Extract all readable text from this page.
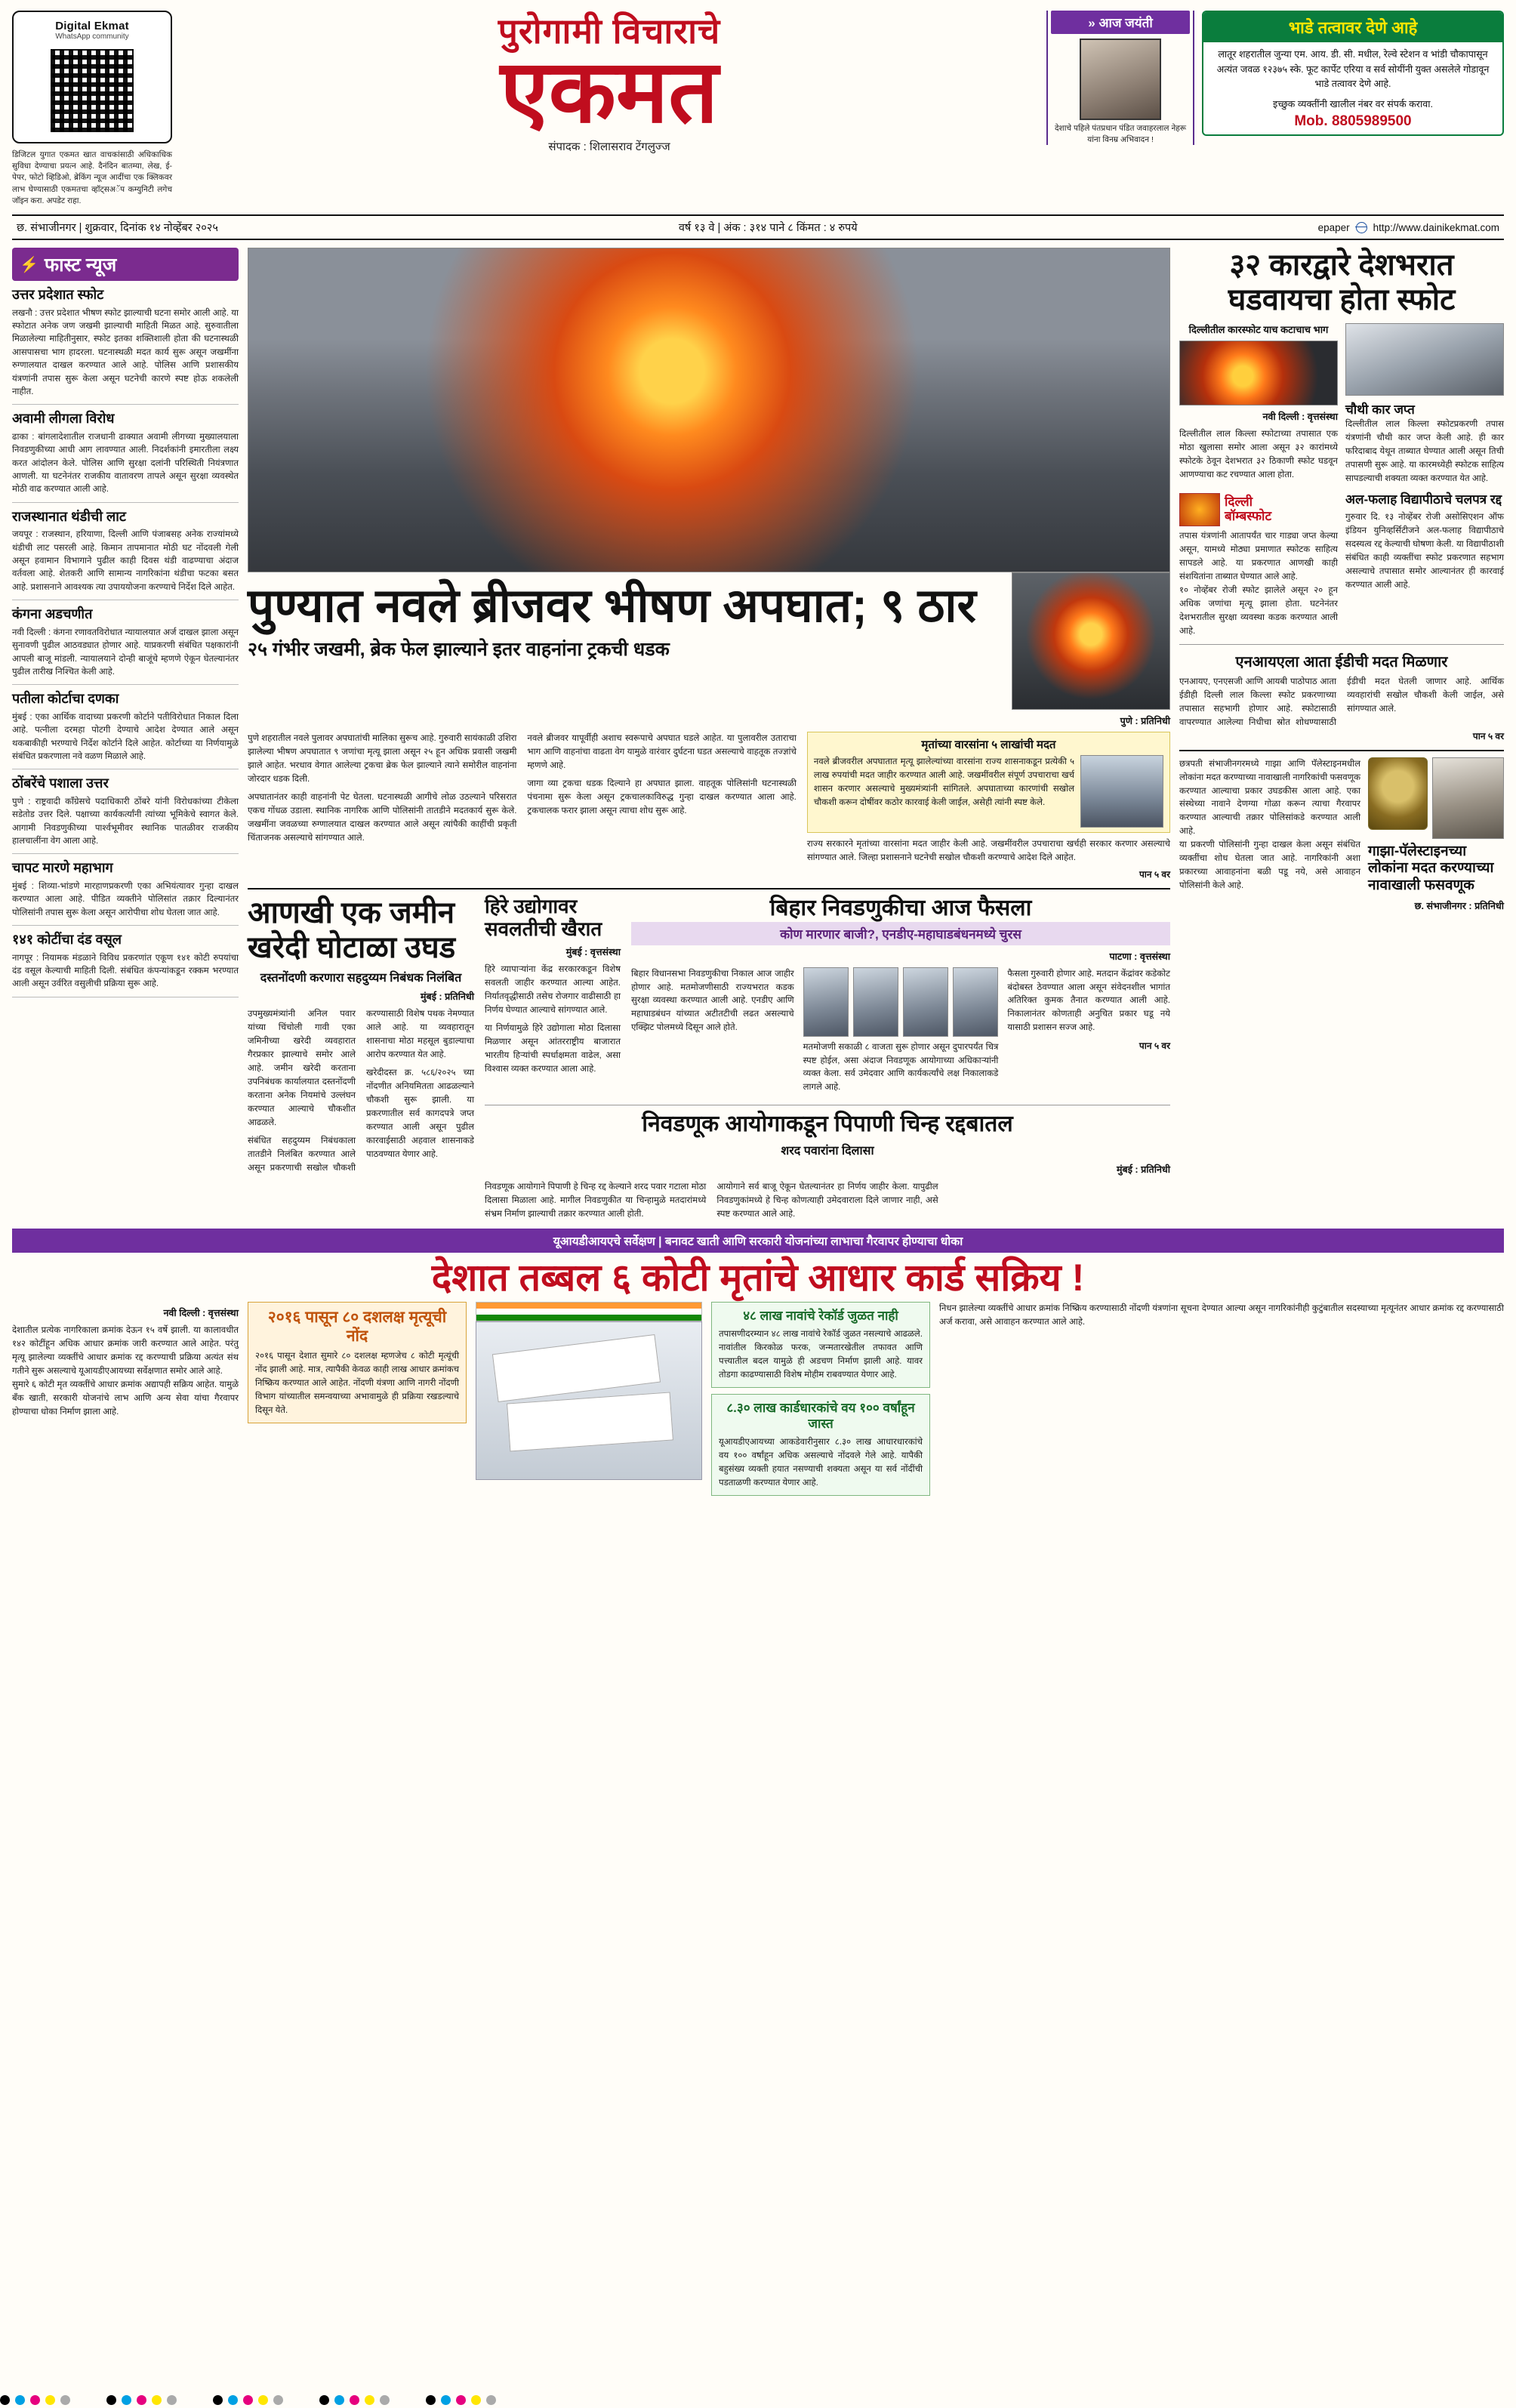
Digital Ekmat
WhatsApp community
डिजिटल युगात एकमत खात वाचकांसाठी अधिकाधिक सुविधा देण्याचा प्रयत्न आहे. दैनंदिन बातम्या, लेख, ई-पेपर, फोटो व्हिडिओ, ब्रेकिंग न्यूज आदींचा एक क्लिकवर लाभ घेण्यासाठी एकमतचा व्हॉट्सअॅप कम्युनिटी लगेच जॉइन करा. अपडेट राहा.
पुरोगामी विचाराचे
एकमत
संपादक : शिलासराव टेंगलुज्ज
» आज जयंती
देशाचे पहिले पंतप्रधान पंडित जवाहरलाल नेहरू यांना विनम्र अभिवादन !
भाडे तत्वावर देणे आहे
लातूर शहरातील जुन्या एम. आय. डी. सी. मधील, रेल्वे स्टेशन व भांडी चौकापासून अत्यंत जवळ १२३७५ स्के. फूट कार्पेट एरिया व सर्व सोयींनी युक्त असलेले गोडावून भाडे तत्वावर देणे आहे.
इच्छुक व्यक्तींनी खालील नंबर वर संपर्क करावा.
Mob. 8805989500
छ. संभाजीनगर | शुक्रवार, दिनांक १४ नोव्हेंबर २०२५	वर्ष १३ वे | अंक : ३१४ पाने ८ किंमत : ४ रुपये	epaper http://www.dainikekmat.com
⚡ फास्ट न्यूज
उत्तर प्रदेशात स्फोट
लखनौ : उत्तर प्रदेशात भीषण स्फोट झाल्याची घटना समोर आली आहे. या स्फोटात अनेक जण जखमी झाल्याची माहिती मिळत आहे. सुरुवातीला मिळालेल्या माहितीनुसार, स्फोट इतका शक्तिशाली होता की घटनास्थळी आसपासचा भाग हादरला. घटनास्थळी मदत कार्य सुरू असून जखमींना रुग्णालयात दाखल करण्यात आले आहे. पोलिस आणि प्रशासकीय यंत्रणांनी तपास सुरू केला असून घटनेची कारणे स्पष्ट होऊ शकलेली नाहीत.
अवामी लीगला विरोध
ढाका : बांगलादेशातील राजधानी ढाक्यात अवामी लीगच्या मुख्यालयाला निवडणुकीच्या आधी आग लावण्यात आली. निदर्शकांनी इमारतीला लक्ष्य करत आंदोलन केले. पोलिस आणि सुरक्षा दलांनी परिस्थिती नियंत्रणात आणली. या घटनेनंतर राजकीय वातावरण तापले असून सुरक्षा व्यवस्थेत मोठी वाढ करण्यात आली आहे.
राजस्थानात थंडीची लाट
जयपूर : राजस्थान, हरियाणा, दिल्ली आणि पंजाबसह अनेक राज्यांमध्ये थंडीची लाट पसरली आहे. किमान तापमानात मोठी घट नोंदवली गेली असून हवामान विभागाने पुढील काही दिवस थंडी वाढण्याचा अंदाज वर्तवला आहे. शेतकरी आणि सामान्य नागरिकांना थंडीचा फटका बसत आहे. प्रशासनाने आवश्यक त्या उपाययोजना करण्याचे निर्देश दिले आहेत.
कंगना अडचणीत
नवी दिल्ली : कंगना रणावतविरोधात न्यायालयात अर्ज दाखल झाला असून सुनावणी पुढील आठवड्यात होणार आहे. याप्रकरणी संबंधित पक्षकारांनी आपली बाजू मांडली. न्यायालयाने दोन्ही बाजूंचे म्हणणे ऐकून घेतल्यानंतर पुढील तारीख निश्चित केली आहे.
पतीला कोर्टाचा दणका
मुंबई : एका आर्थिक वादाच्या प्रकरणी कोर्टाने पतीविरोधात निकाल दिला आहे. पत्नीला दरमहा पोटगी देण्याचे आदेश देण्यात आले असून थकबाकीही भरण्याचे निर्देश कोर्टाने दिले आहेत. कोर्टाच्या या निर्णयामुळे संबंधित प्रकरणाला नवे वळण मिळाले आहे.
ठोंबरेंचे पशाला उत्तर
पुणे : राष्ट्रवादी काँग्रेसचे पदाधिकारी ठोंबरे यांनी विरोधकांच्या टीकेला सडेतोड उत्तर दिले. पक्षाच्या कार्यकर्त्यांनी त्यांच्या भूमिकेचे स्वागत केले. आगामी निवडणुकीच्या पार्श्वभूमीवर स्थानिक पातळीवर राजकीय हालचालींना वेग आला आहे.
चापट मारणे महाभाग
मुंबई : शिव्या-भांडणे मारहाणप्रकरणी एका अभियंत्यावर गुन्हा दाखल करण्यात आला आहे. पीडित व्यक्तीने पोलिसांत तक्रार दिल्यानंतर पोलिसांनी तपास सुरू केला असून आरोपीचा शोध घेतला जात आहे.
१४१ कोटींचा दंड वसूल
नागपूर : नियामक मंडळाने विविध प्रकरणांत एकूण १४१ कोटी रुपयांचा दंड वसूल केल्याची माहिती दिली. संबंधित कंपन्यांकडून रक्कम भरण्यात आली असून उर्वरित वसुलीची प्रक्रिया सुरू आहे.
पुण्यात नवले ब्रीजवर भीषण अपघात; ९ ठार
२५ गंभीर जखमी, ब्रेक फेल झाल्याने इतर वाहनांना ट्रकची धडक
पुणे : प्रतिनिधी

पुणे शहरातील नवले पुलावर अपघातांची मालिका सुरूच आहे. गुरुवारी सायंकाळी उशिरा झालेल्या भीषण अपघातात ९ जणांचा मृत्यू झाला असून २५ हून अधिक प्रवासी जखमी झाले आहेत. भरधाव वेगात आलेल्या ट्रकचा ब्रेक फेल झाल्याने त्याने समोरील वाहनांना जोरदार धडक दिली.

अपघातानंतर काही वाहनांनी पेट घेतला. घटनास्थळी आगीचे लोळ उठल्याने परिसरात एकच गोंधळ उडाला. स्थानिक नागरिक आणि पोलिसांनी तातडीने मदतकार्य सुरू केले. जखमींना जवळच्या रुग्णालयात दाखल करण्यात आले असून त्यांपैकी काहींची प्रकृती चिंताजनक असल्याचे सांगण्यात आले.

नवले ब्रीजवर यापूर्वीही अशाच स्वरूपाचे अपघात घडले आहेत. या पुलावरील उताराचा भाग आणि वाहनांचा वाढता वेग यामुळे वारंवार दुर्घटना घडत असल्याचे वाहतूक तज्ज्ञांचे म्हणणे आहे.

जागा व्या ट्रकचा धडक दिल्याने हा अपघात झाला. वाहतूक पोलिसांनी घटनास्थळी पंचनामा सुरू केला असून ट्रकचालकाविरुद्ध गुन्हा दाखल करण्यात आला आहे. ट्रकचालक फरार झाला असून त्याचा शोध सुरू आहे.

मृतांच्या वारसांना ५ लाखांची मदत
नवले ब्रीजवरील अपघातात मृत्यू झालेल्यांच्या वारसांना राज्य शासनाकडून प्रत्येकी ५ लाख रुपयांची मदत जाहीर करण्यात आली आहे. जखमींवरील संपूर्ण उपचाराचा खर्च शासन करणार असल्याचे मुख्यमंत्र्यांनी सांगितले. अपघाताच्या कारणांची सखोल चौकशी करून दोषींवर कठोर कारवाई केली जाईल, असेही त्यांनी स्पष्ट केले.
राज्य सरकारने मृतांच्या वारसांना मदत जाहीर केली आहे. जखमींवरील उपचाराचा खर्चही सरकार करणार असल्याचे सांगण्यात आले. जिल्हा प्रशासनाने घटनेची सखोल चौकशी करण्याचे आदेश दिले आहेत.
पान ५ वर
आणखी एक जमीन खरेदी घोटाळा उघड
दस्तनोंदणी करणारा सहदुय्यम निबंधक निलंबित
मुंबई : प्रतिनिधी

उपमुख्यमंत्र्यांनी अनिल पवार यांच्या चिंचोली गावी एका जमिनीच्या खरेदी व्यवहारात गैरप्रकार झाल्याचे समोर आले आहे. जमीन खरेदी करताना उपनिबंधक कार्यालयात दस्तनोंदणी करताना अनेक नियमांचे उल्लंघन करण्यात आल्याचे चौकशीत आढळले.

संबंधित सहदुय्यम निबंधकाला तातडीने निलंबित करण्यात आले असून प्रकरणाची सखोल चौकशी करण्यासाठी विशेष पथक नेमण्यात आले आहे. या व्यवहारातून शासनाचा मोठा महसूल बुडाल्याचा आरोप करण्यात येत आहे.

खरेदीदस्त क्र. ५८६/२०२५ च्या नोंदणीत अनियमितता आढळल्याने चौकशी सुरू झाली. या प्रकरणातील सर्व कागदपत्रे जप्त करण्यात आली असून पुढील कारवाईसाठी अहवाल शासनाकडे पाठवण्यात येणार आहे.

हिरे उद्योगावर सवलतीची खैरात
मुंबई : वृत्तसंस्था

हिरे व्यापाऱ्यांना केंद्र सरकारकडून विशेष सवलती जाहीर करण्यात आल्या आहेत. निर्यातवृद्धीसाठी तसेच रोजगार वाढीसाठी हा निर्णय घेण्यात आल्याचे सांगण्यात आले.

या निर्णयामुळे हिरे उद्योगाला मोठा दिलासा मिळणार असून आंतरराष्ट्रीय बाजारात भारतीय हिऱ्यांची स्पर्धाक्षमता वाढेल, असा विश्वास व्यक्त करण्यात आला आहे.

बिहार निवडणुकीचा आज फैसला
कोण मारणार बाजी?, एनडीए-महाघाडबंधनमध्ये चुरस
पाटणा : वृत्तसंस्था

बिहार विधानसभा निवडणुकीचा निकाल आज जाहीर होणार आहे. मतमोजणीसाठी राज्यभरात कडक सुरक्षा व्यवस्था करण्यात आली आहे. एनडीए आणि महाघाडबंधन यांच्यात अटीतटीची लढत असल्याचे एक्झिट पोलमध्ये दिसून आले होते.

मतमोजणी सकाळी ८ वाजता सुरू होणार असून दुपारपर्यंत चित्र स्पष्ट होईल, असा अंदाज निवडणूक आयोगाच्या अधिकाऱ्यांनी व्यक्त केला. सर्व उमेदवार आणि कार्यकर्त्यांचे लक्ष निकालाकडे लागले आहे.

फैसला गुरुवारी होणार आहे. मतदान केंद्रांवर कडेकोट बंदोबस्त ठेवण्यात आला असून संवेदनशील भागांत अतिरिक्त कुमक तैनात करण्यात आली आहे. निकालानंतर कोणताही अनुचित प्रकार घडू नये यासाठी प्रशासन सज्ज आहे.

पान ५ वर
निवडणूक आयोगाकडून पिपाणी चिन्ह रद्दबातल
शरद पवारांना दिलासा
मुंबई : प्रतिनिधी

निवडणूक आयोगाने पिपाणी हे चिन्ह रद्द केल्याने शरद पवार गटाला मोठा दिलासा मिळाला आहे. मागील निवडणुकीत या चिन्हामुळे मतदारांमध्ये संभ्रम निर्माण झाल्याची तक्रार करण्यात आली होती.

आयोगाने सर्व बाजू ऐकून घेतल्यानंतर हा निर्णय जाहीर केला. यापुढील निवडणुकांमध्ये हे चिन्ह कोणत्याही उमेदवाराला दिले जाणार नाही, असे स्पष्ट करण्यात आले आहे.

३२ कारद्वारे देशभरात घडवायचा होता स्फोट
दिल्लीतील कारस्फोट याच कटाचाच भाग
नवी दिल्ली : वृत्तसंस्था
दिल्लीतील लाल किल्ला स्फोटाच्या तपासात एक मोठा खुलासा समोर आला असून ३२ कारांमध्ये स्फोटके ठेवून देशभरात ३२ ठिकाणी स्फोट घडवून आणण्याचा कट रचण्यात आला होता.
चौथी कार जप्त
दिल्लीतील लाल किल्ला स्फोटप्रकरणी तपास यंत्रणांनी चौथी कार जप्त केली आहे. ही कार फरिदाबाद येथून ताब्यात घेण्यात आली असून तिची तपासणी सुरू आहे. या कारमध्येही स्फोटक साहित्य सापडल्याची शक्यता व्यक्त करण्यात येत आहे.
दिल्ली
बॉम्बस्फोट
तपास यंत्रणांनी आतापर्यंत चार गाड्या जप्त केल्या असून, यामध्ये मोठ्या प्रमाणात स्फोटक साहित्य सापडले आहे. या प्रकरणात आणखी काही संशयितांना ताब्यात घेण्यात आले आहे.
१० नोव्हेंबर रोजी स्फोट झालेले असून २० हून अधिक जणांचा मृत्यू झाला होता. घटनेनंतर देशभरातील सुरक्षा व्यवस्था कडक करण्यात आली आहे.
अल-फलाह विद्यापीठाचे चलपत्र रद्द
गुरुवार दि. १३ नोव्हेंबर रोजी असोसिएशन ऑफ इंडियन युनिव्हर्सिटीजने अल-फलाह विद्यापीठाचे सदस्यत्व रद्द केल्याची घोषणा केली. या विद्यापीठाशी संबंधित काही व्यक्तींचा स्फोट प्रकरणात सहभाग असल्याचे तपासात समोर आल्यानंतर ही कारवाई करण्यात आली आहे.
एनआयएला आता ईडीची मदत मिळणार
एनआयए, एनएसजी आणि आयबी पाठोपाठ आता ईडीही दिल्ली लाल किल्ला स्फोट प्रकरणाच्या तपासात सहभागी होणार आहे. स्फोटासाठी वापरण्यात आलेल्या निधीचा स्रोत शोधण्यासाठी ईडीची मदत घेतली जाणार आहे. आर्थिक व्यवहारांची सखोल चौकशी केली जाईल, असे सांगण्यात आले.
पान ५ वर
छत्रपती संभाजीनगरमध्ये गाझा आणि पॅलेस्टाइनमधील लोकांना मदत करण्याच्या नावाखाली नागरिकांची फसवणूक करण्यात आल्याचा प्रकार उघडकीस आला आहे. एका संस्थेच्या नावाने देणग्या गोळा करून त्याचा गैरवापर करण्यात आल्याची तक्रार पोलिसांकडे करण्यात आली आहे.
या प्रकरणी पोलिसांनी गुन्हा दाखल केला असून संबंधित व्यक्तींचा शोध घेतला जात आहे. नागरिकांनी अशा प्रकारच्या आवाहनांना बळी पडू नये, असे आवाहन पोलिसांनी केले आहे.
गाझा-पॅलेस्टाइनच्या लोकांना मदत करण्याच्या नावाखाली फसवणूक
छ. संभाजीनगर : प्रतिनिधी
यूआयडीआयएचे सर्वेक्षण | बनावट खाती आणि सरकारी योजनांच्या लाभाचा गैरवापर होण्याचा धोका
देशात तब्बल ६ कोटी मृतांचे आधार कार्ड सक्रिय !
नवी दिल्ली : वृत्तसंस्था
देशातील प्रत्येक नागरिकाला क्रमांक देऊन १५ वर्षे झाली. या कालावधीत १४२ कोटींहून अधिक आधार क्रमांक जारी करण्यात आले आहेत. परंतु मृत्यू झालेल्या व्यक्तींचे आधार क्रमांक रद्द करण्याची प्रक्रिया अत्यंत संथ गतीने सुरू असल्याचे यूआयडीएआयच्या सर्वेक्षणात समोर आले आहे.
सुमारे ६ कोटी मृत व्यक्तींचे आधार क्रमांक अद्यापही सक्रिय आहेत. यामुळे बँक खाती, सरकारी योजनांचे लाभ आणि अन्य सेवा यांचा गैरवापर होण्याचा धोका निर्माण झाला आहे.
२०१६ पासून ८० दशलक्ष मृत्यूची नोंद
२०१६ पासून देशात सुमारे ८० दशलक्ष म्हणजेच ८ कोटी मृत्यूंची नोंद झाली आहे. मात्र, त्यापैकी केवळ काही लाख आधार क्रमांकच निष्क्रिय करण्यात आले आहेत. नोंदणी यंत्रणा आणि नागरी नोंदणी विभाग यांच्यातील समन्वयाच्या अभावामुळे ही प्रक्रिया रखडल्याचे दिसून येते.
४८ लाख नावांचे रेकॉर्ड जुळत नाही
तपासणीदरम्यान ४८ लाख नावांचे रेकॉर्ड जुळत नसल्याचे आढळले. नावांतील किरकोळ फरक, जन्मतारखेतील तफावत आणि पत्त्यातील बदल यामुळे ही अडचण निर्माण झाली आहे. यावर तोडगा काढण्यासाठी विशेष मोहीम राबवण्यात येणार आहे.
८.३० लाख कार्डधारकांचे वय १०० वर्षांहून जास्त
यूआयडीएआयच्या आकडेवारीनुसार ८.३० लाख आधारधारकांचे वय १०० वर्षांहून अधिक असल्याचे नोंदवले गेले आहे. यापैकी बहुसंख्य व्यक्ती हयात नसण्याची शक्यता असून या सर्व नोंदींची पडताळणी करण्यात येणार आहे.
निधन झालेल्या व्यक्तींचे आधार क्रमांक निष्क्रिय करण्यासाठी नोंदणी यंत्रणांना सूचना देण्यात आल्या असून नागरिकांनीही कुटुंबातील सदस्याच्या मृत्यूनंतर आधार क्रमांक रद्द करण्यासाठी अर्ज करावा, असे आवाहन करण्यात आले आहे.
